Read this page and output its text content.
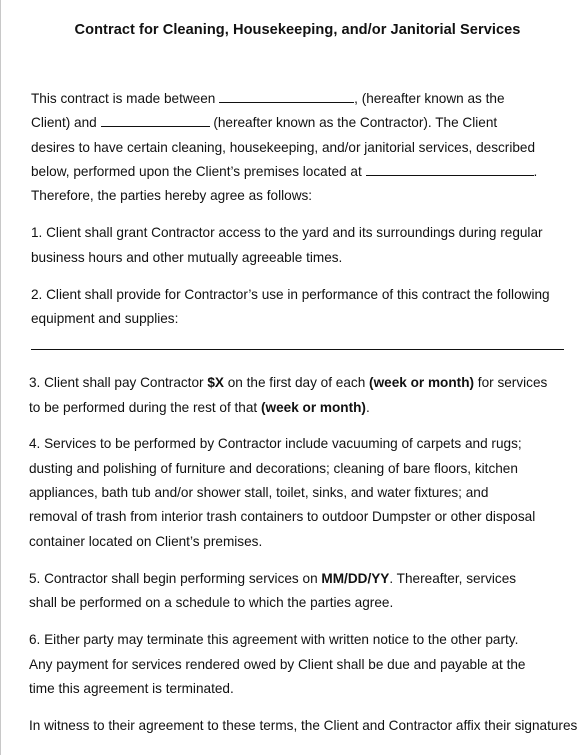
Contract for Cleaning, Housekeeping, and/or Janitorial Services
This contract is made between	, (hereafter known as the
Client) and	(hereafter known as the Contractor). The Client
desires to have certain cleaning, housekeeping, and/or janitorial services, described
below, performed upon the Client’s premises located at	.
Therefore, the parties hereby agree as follows:
1. Client shall grant Contractor access to the yard and its surroundings during regular
business hours and other mutually agreeable times.
2. Client shall provide for Contractor’s use in performance of this contract the following
equipment and supplies:
3. Client shall pay Contractor $X on the first day of each (week or month) for services
to be performed during the rest of that (week or month).
4. Services to be performed by Contractor include vacuuming of carpets and rugs;
dusting and polishing of furniture and decorations; cleaning of bare floors, kitchen
appliances, bath tub and/or shower stall, toilet, sinks, and water fixtures; and
removal of trash from interior trash containers to outdoor Dumpster or other disposal
container located on Client’s premises.
5. Contractor shall begin performing services on MM/DD/YY. Thereafter, services
shall be performed on a schedule to which the parties agree.
6. Either party may terminate this agreement with written notice to the other party.
Any payment for services rendered owed by Client shall be due and payable at the
time this agreement is terminated.
In witness to their agreement to these terms, the Client and Contractor affix their signatures
